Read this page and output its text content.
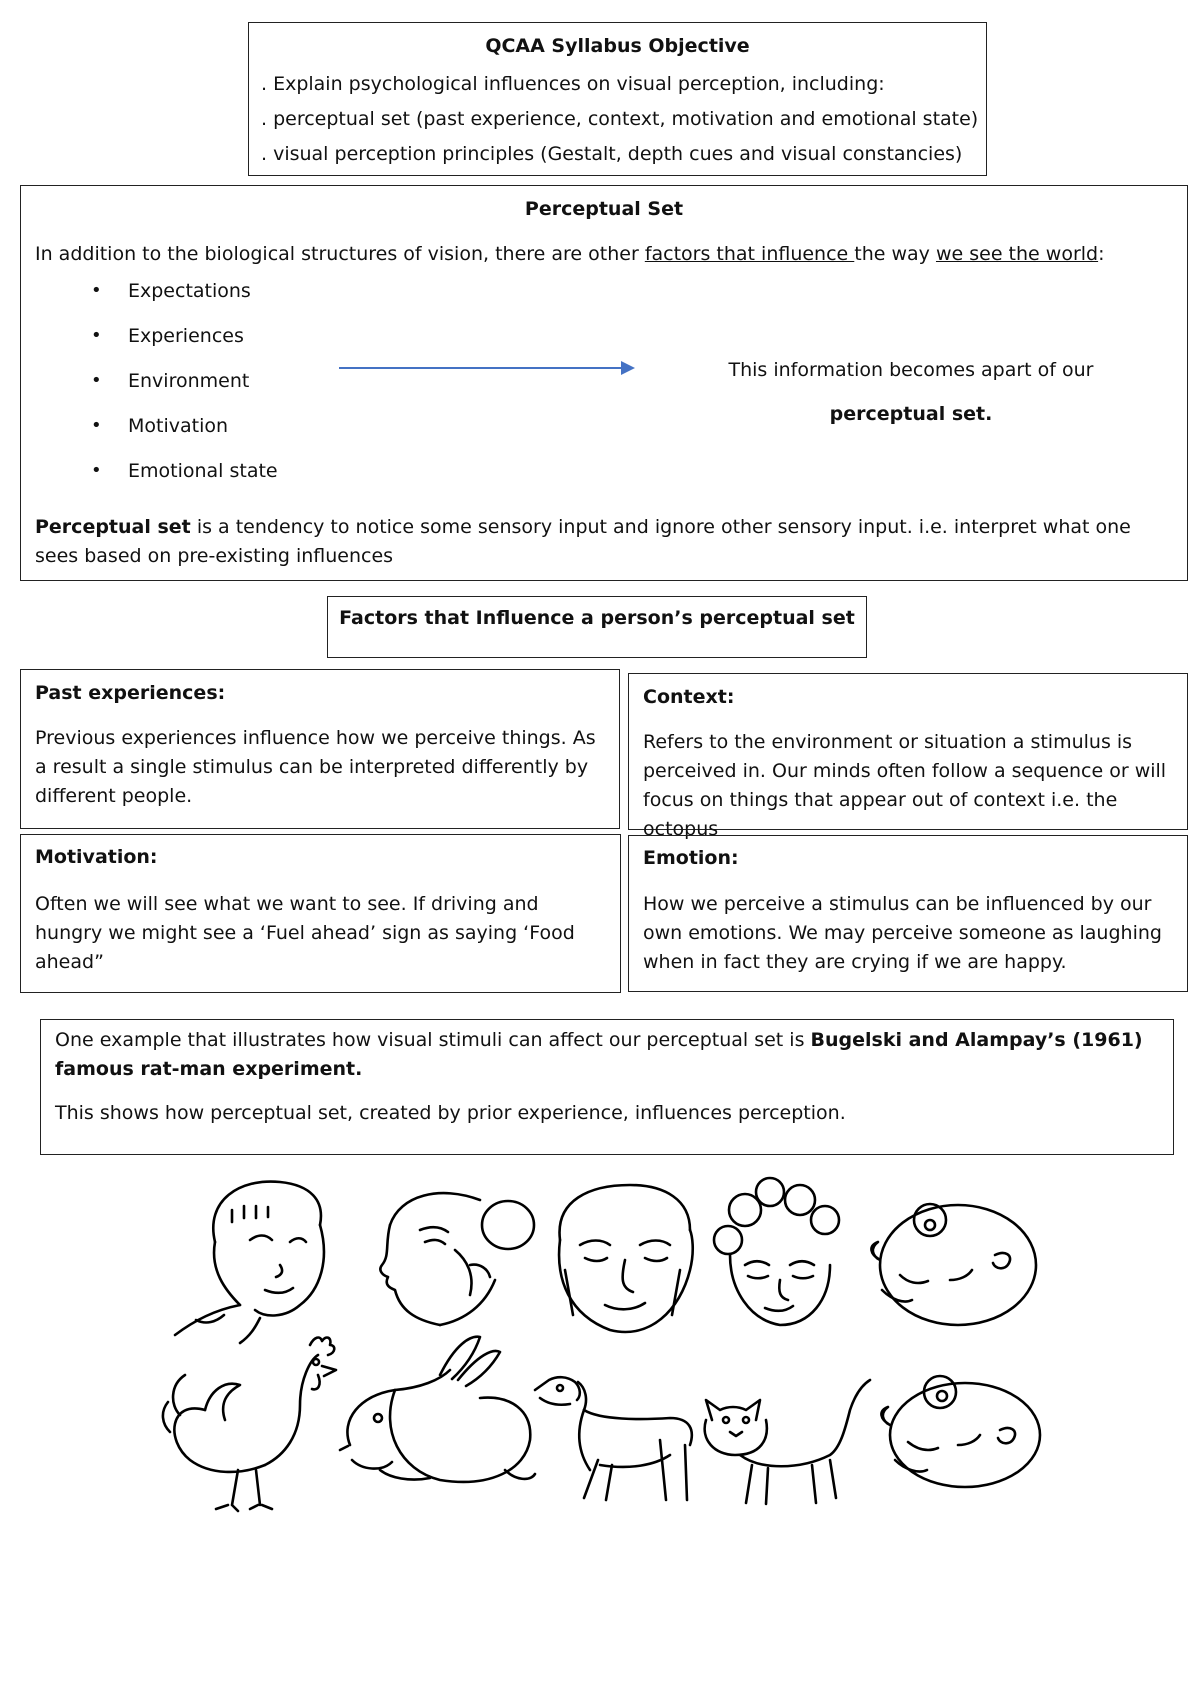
QCAA Syllabus Objective
. Explain psychological influences on visual perception, including:
. perceptual set (past experience, context, motivation and emotional state)
. visual perception principles (Gestalt, depth cues and visual constancies)
Perceptual Set
In addition to the biological structures of vision, there are other factors that influence the way we see the world:
• Expectations
• Experiences
• Environment
• Motivation
• Emotional state
This information becomes apart of our
perceptual set.
Perceptual set is a tendency to notice some sensory input and ignore other sensory input. i.e. interpret what one sees based on pre-existing influences
Factors that Influence a person’s perceptual set
Past experiences:
Previous experiences influence how we perceive things. As a result a single stimulus can be interpreted differently by different people.
Context:
Refers to the environment or situation a stimulus is perceived in. Our minds often follow a sequence or will focus on things that appear out of context i.e. the octopus
Motivation:
Often we will see what we want to see. If driving and hungry we might see a ‘Fuel ahead’ sign as saying ‘Food ahead”
Emotion:
How we perceive a stimulus can be influenced by our own emotions. We may perceive someone as laughing when in fact they are crying if we are happy.
One example that illustrates how visual stimuli can affect our perceptual set is Bugelski and Alampay’s (1961) famous rat-man experiment.
This shows how perceptual set, created by prior experience, influences perception.
